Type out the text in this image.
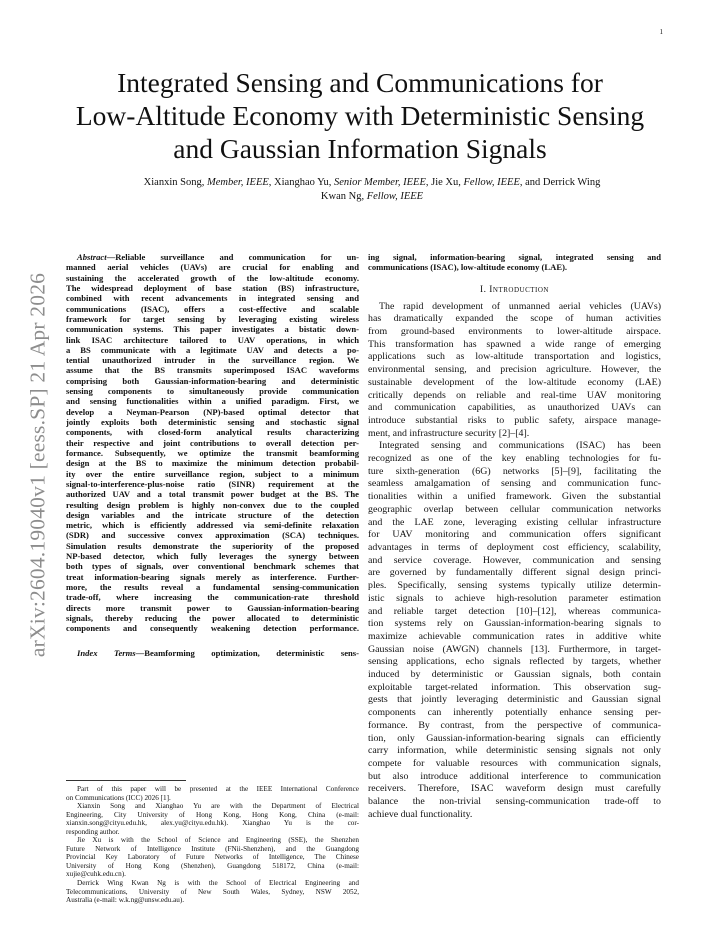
1
arXiv:2604.19040v1 [eess.SP] 21 Apr 2026
Integrated Sensing and Communications for
Low-Altitude Economy with Deterministic Sensing
and Gaussian Information Signals
Xianxin Song, Member, IEEE, Xianghao Yu, Senior Member, IEEE, Jie Xu, Fellow, IEEE, and Derrick Wing
Kwan Ng, Fellow, IEEE
Abstract—Reliable surveillance and communication for un-
manned aerial vehicles (UAVs) are crucial for enabling and
sustaining the accelerated growth of the low-altitude economy.
The widespread deployment of base station (BS) infrastructure,
combined with recent advancements in integrated sensing and
communications (ISAC), offers a cost-effective and scalable
framework for target sensing by leveraging existing wireless
communication systems. This paper investigates a bistatic down-
link ISAC architecture tailored to UAV operations, in which
a BS communicate with a legitimate UAV and detects a po-
tential unauthorized intruder in the surveillance region. We
assume that the BS transmits superimposed ISAC waveforms
comprising both Gaussian-information-bearing and deterministic
sensing components to simultaneously provide communication
and sensing functionalities within a unified paradigm. First, we
develop a Neyman-Pearson (NP)-based optimal detector that
jointly exploits both deterministic sensing and stochastic signal
components, with closed-form analytical results characterizing
their respective and joint contributions to overall detection per-
formance. Subsequently, we optimize the transmit beamforming
design at the BS to maximize the minimum detection probabil-
ity over the entire surveillance region, subject to a minimum
signal-to-interference-plus-noise ratio (SINR) requirement at the
authorized UAV and a total transmit power budget at the BS. The
resulting design problem is highly non-convex due to the coupled
design variables and the intricate structure of the detection
metric, which is efficiently addressed via semi-definite relaxation
(SDR) and successive convex approximation (SCA) techniques.
Simulation results demonstrate the superiority of the proposed
NP-based detector, which fully leverages the synergy between
both types of signals, over conventional benchmark schemes that
treat information-bearing signals merely as interference. Further-
more, the results reveal a fundamental sensing-communication
trade-off, where increasing the communication-rate threshold
directs more transmit power to Gaussian-information-bearing
signals, thereby reducing the power allocated to deterministic
components and consequently weakening detection performance.
Index Terms—Beamforming optimization, deterministic sens-
Part of this paper will be presented at the IEEE International Conference
on Communications (ICC) 2026 [1].
Xianxin Song and Xianghao Yu are with the Department of Electrical
Engineering, City University of Hong Kong, Hong Kong, China (e-mail:
xianxin.song@cityu.edu.hk, alex.yu@cityu.edu.hk). Xianghao Yu is the cor-
responding author.
Jie Xu is with the School of Science and Engineering (SSE), the Shenzhen
Future Network of Intelligence Institute (FNii-Shenzhen), and the Guangdong
Provincial Key Laboratory of Future Networks of Intelligence, The Chinese
University of Hong Kong (Shenzhen), Guangdong 518172, China (e-mail:
xujie@cuhk.edu.cn).
Derrick Wing Kwan Ng is with the School of Electrical Engineering and
Telecommunications, University of New South Wales, Sydney, NSW 2052,
Australia (e-mail: w.k.ng@unsw.edu.au).
ing signal, information-bearing signal, integrated sensing and
communications (ISAC), low-altitude economy (LAE).
I. Introduction
The rapid development of unmanned aerial vehicles (UAVs)
has dramatically expanded the scope of human activities
from ground-based environments to lower-altitude airspace.
This transformation has spawned a wide range of emerging
applications such as low-altitude transportation and logistics,
environmental sensing, and precision agriculture. However, the
sustainable development of the low-altitude economy (LAE)
critically depends on reliable and real-time UAV monitoring
and communication capabilities, as unauthorized UAVs can
introduce substantial risks to public safety, airspace manage-
ment, and infrastructure security [2]–[4].
Integrated sensing and communications (ISAC) has been
recognized as one of the key enabling technologies for fu-
ture sixth-generation (6G) networks [5]–[9], facilitating the
seamless amalgamation of sensing and communication func-
tionalities within a unified framework. Given the substantial
geographic overlap between cellular communication networks
and the LAE zone, leveraging existing cellular infrastructure
for UAV monitoring and communication offers significant
advantages in terms of deployment cost efficiency, scalability,
and service coverage. However, communication and sensing
are governed by fundamentally different signal design princi-
ples. Specifically, sensing systems typically utilize determin-
istic signals to achieve high-resolution parameter estimation
and reliable target detection [10]–[12], whereas communica-
tion systems rely on Gaussian-information-bearing signals to
maximize achievable communication rates in additive white
Gaussian noise (AWGN) channels [13]. Furthermore, in target-
sensing applications, echo signals reflected by targets, whether
induced by deterministic or Gaussian signals, both contain
exploitable target-related information. This observation sug-
gests that jointly leveraging deterministic and Gaussian signal
components can inherently potentially enhance sensing per-
formance. By contrast, from the perspective of communica-
tion, only Gaussian-information-bearing signals can efficiently
carry information, while deterministic sensing signals not only
compete for valuable resources with communication signals,
but also introduce additional interference to communication
receivers. Therefore, ISAC waveform design must carefully
balance the non-trivial sensing-communication trade-off to
achieve dual functionality.
